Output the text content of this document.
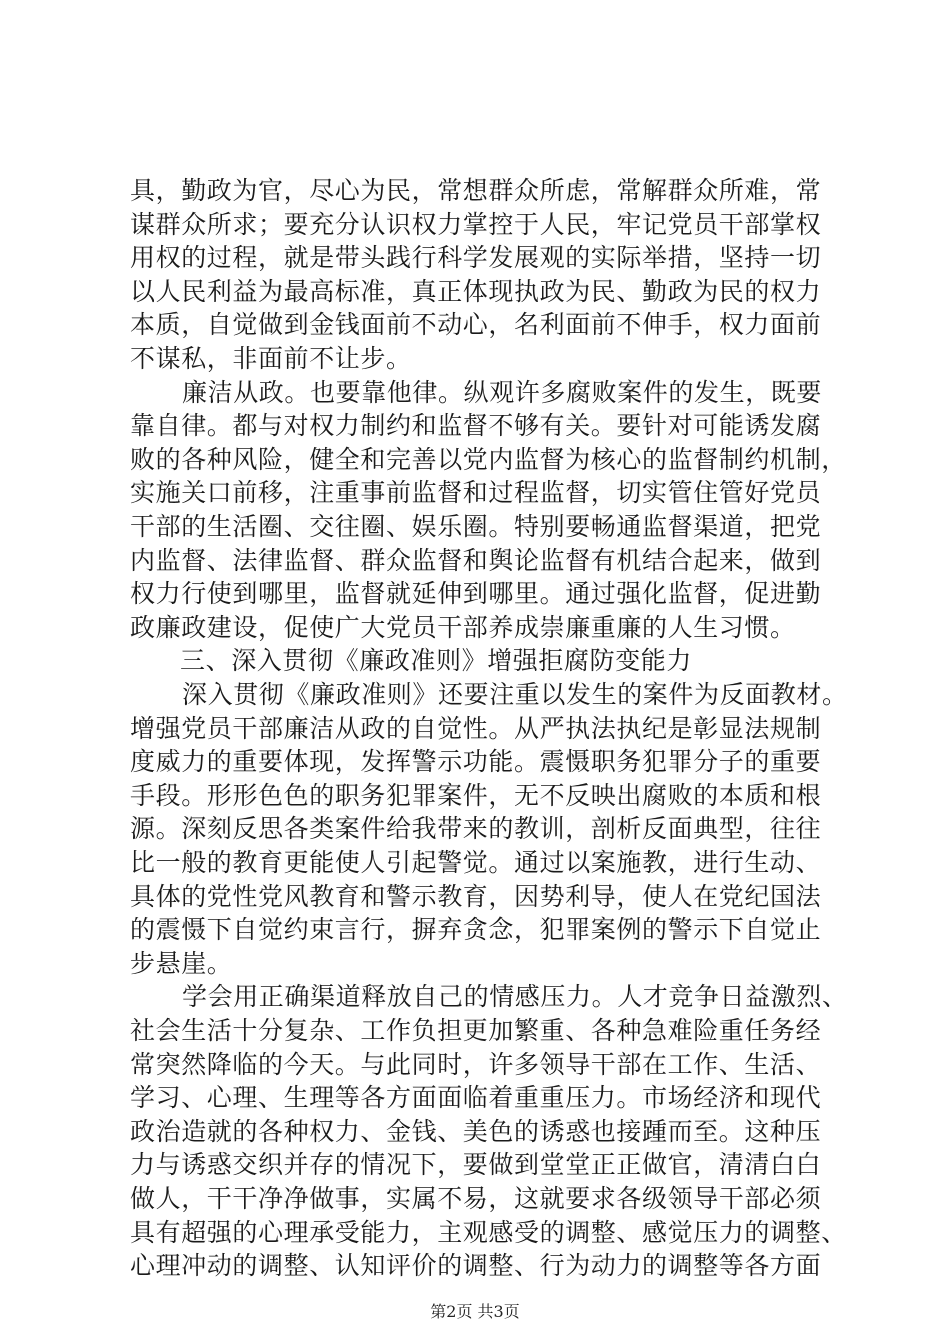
具，勤政为官，尽心为民，常想群众所虑，常解群众所难，常
谋群众所求；要充分认识权力掌控于人民，牢记党员干部掌权
用权的过程，就是带头践行科学发展观的实际举措，坚持一切
以人民利益为最高标准，真正体现执政为民、勤政为民的权力
本质，自觉做到金钱面前不动心，名利面前不伸手，权力面前
不谋私，非面前不让步。
廉洁从政。也要靠他律。纵观许多腐败案件的发生，既要
靠自律。都与对权力制约和监督不够有关。要针对可能诱发腐
败的各种风险，健全和完善以党内监督为核心的监督制约机制，
实施关口前移，注重事前监督和过程监督，切实管住管好党员
干部的生活圈、交往圈、娱乐圈。特别要畅通监督渠道，把党
内监督、法律监督、群众监督和舆论监督有机结合起来，做到
权力行使到哪里，监督就延伸到哪里。通过强化监督，促进勤
政廉政建设，促使广大党员干部养成崇廉重廉的人生习惯。
三、深入贯彻《廉政准则》增强拒腐防变能力
深入贯彻《廉政准则》还要注重以发生的案件为反面教材。
增强党员干部廉洁从政的自觉性。从严执法执纪是彰显法规制
度威力的重要体现，发挥警示功能。震慑职务犯罪分子的重要
手段。形形色色的职务犯罪案件，无不反映出腐败的本质和根
源。深刻反思各类案件给我带来的教训，剖析反面典型，往往
比一般的教育更能使人引起警觉。通过以案施教，进行生动、
具体的党性党风教育和警示教育，因势利导，使人在党纪国法
的震慑下自觉约束言行，摒弃贪念，犯罪案例的警示下自觉止
步悬崖。
学会用正确渠道释放自己的情感压力。人才竞争日益激烈、
社会生活十分复杂、工作负担更加繁重、各种急难险重任务经
常突然降临的今天。与此同时，许多领导干部在工作、生活、
学习、心理、生理等各方面面临着重重压力。市场经济和现代
政治造就的各种权力、金钱、美色的诱惑也接踵而至。这种压
力与诱惑交织并存的情况下，要做到堂堂正正做官，清清白白
做人，干干净净做事，实属不易，这就要求各级领导干部必须
具有超强的心理承受能力，主观感受的调整、感觉压力的调整、
心理冲动的调整、认知评价的调整、行为动力的调整等各方面
第2页 共3页
